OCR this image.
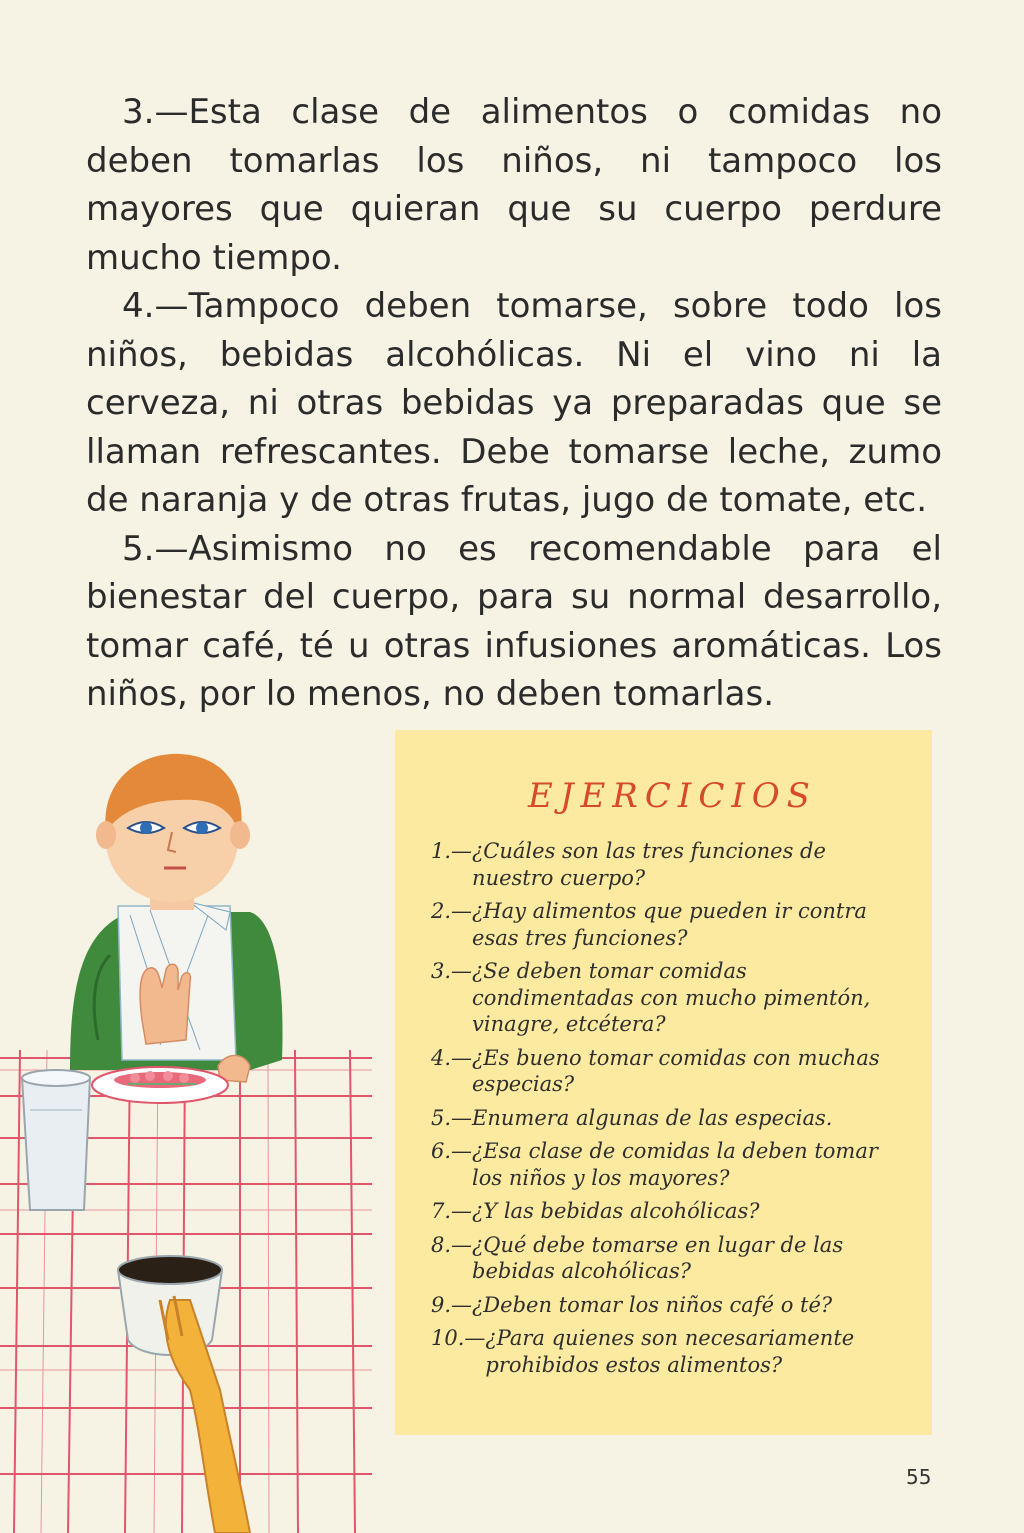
3.—Esta clase de alimentos o comidas no deben tomarlas los niños, ni tampoco los mayores que quieran que su cuerpo perdure mucho tiempo.

4.—Tampoco deben tomarse, sobre todo los niños, bebidas alcohólicas. Ni el vino ni la cerveza, ni otras bebidas ya preparadas que se llaman refrescantes. Debe tomarse leche, zumo de naranja y de otras frutas, jugo de tomate, etc.

5.—Asimismo no es recomendable para el bienestar del cuerpo, para su normal desarrollo, tomar café, té u otras infusiones aromáticas. Los niños, por lo menos, no deben tomarlas.

EJERCICIOS
1.— ¿Cuáles son las tres funciones de nuestro cuerpo?
2.— ¿Hay alimentos que pueden ir contra esas tres funciones?
3.— ¿Se deben tomar comidas condimentadas con mucho pimentón, vinagre, etcétera?
4.— ¿Es bueno tomar comidas con muchas especias?
5.— Enumera algunas de las especias.
6.— ¿Esa clase de comidas la deben tomar los niños y los mayores?
7.— ¿Y las bebidas alcohólicas?
8.— ¿Qué debe tomarse en lugar de las bebidas alcohólicas?
9.— ¿Deben tomar los niños café o té?
10.— ¿Para quienes son necesariamente prohibidos estos alimentos?
55
